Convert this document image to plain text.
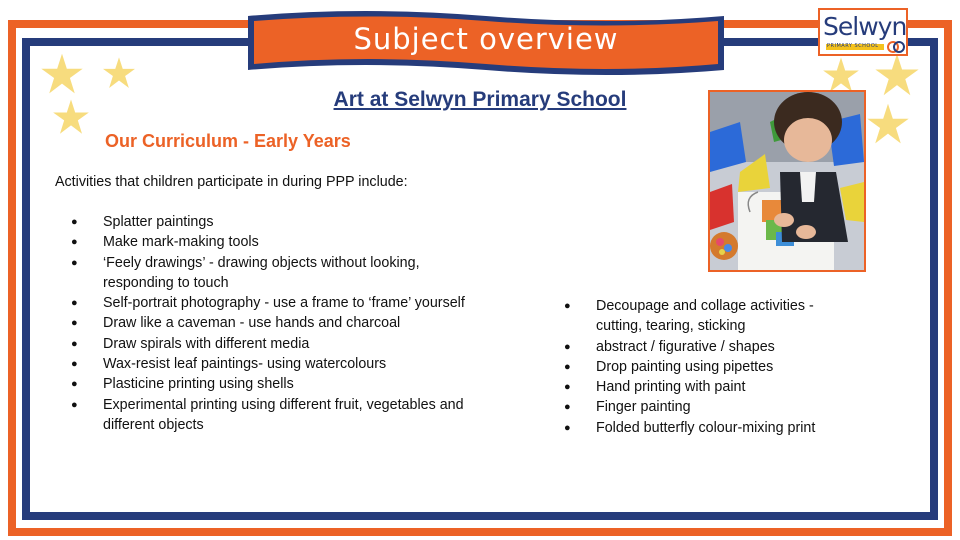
Subject overview	Selwyn
PRIMARY SCHOOL
Art at Selwyn Primary School
Our Curriculum - Early Years
Activities that children participate in during PPP include:
● Splatter paintings
● Make mark-making tools
● ‘Feely drawings’ - drawing objects without looking, responding to touch
● Self-portrait photography - use a frame to ‘frame’ yourself
● Draw like a caveman - use hands and charcoal
● Draw spirals with different media
● Wax-resist leaf paintings- using watercolours
● Plasticine printing using shells
● Experimental printing using different fruit, vegetables and different objects
● Decoupage and collage activities - cutting, tearing, sticking
● abstract / figurative / shapes
● Drop painting using pipettes
● Hand printing with paint
● Finger painting
● Folded butterfly colour-mixing print
